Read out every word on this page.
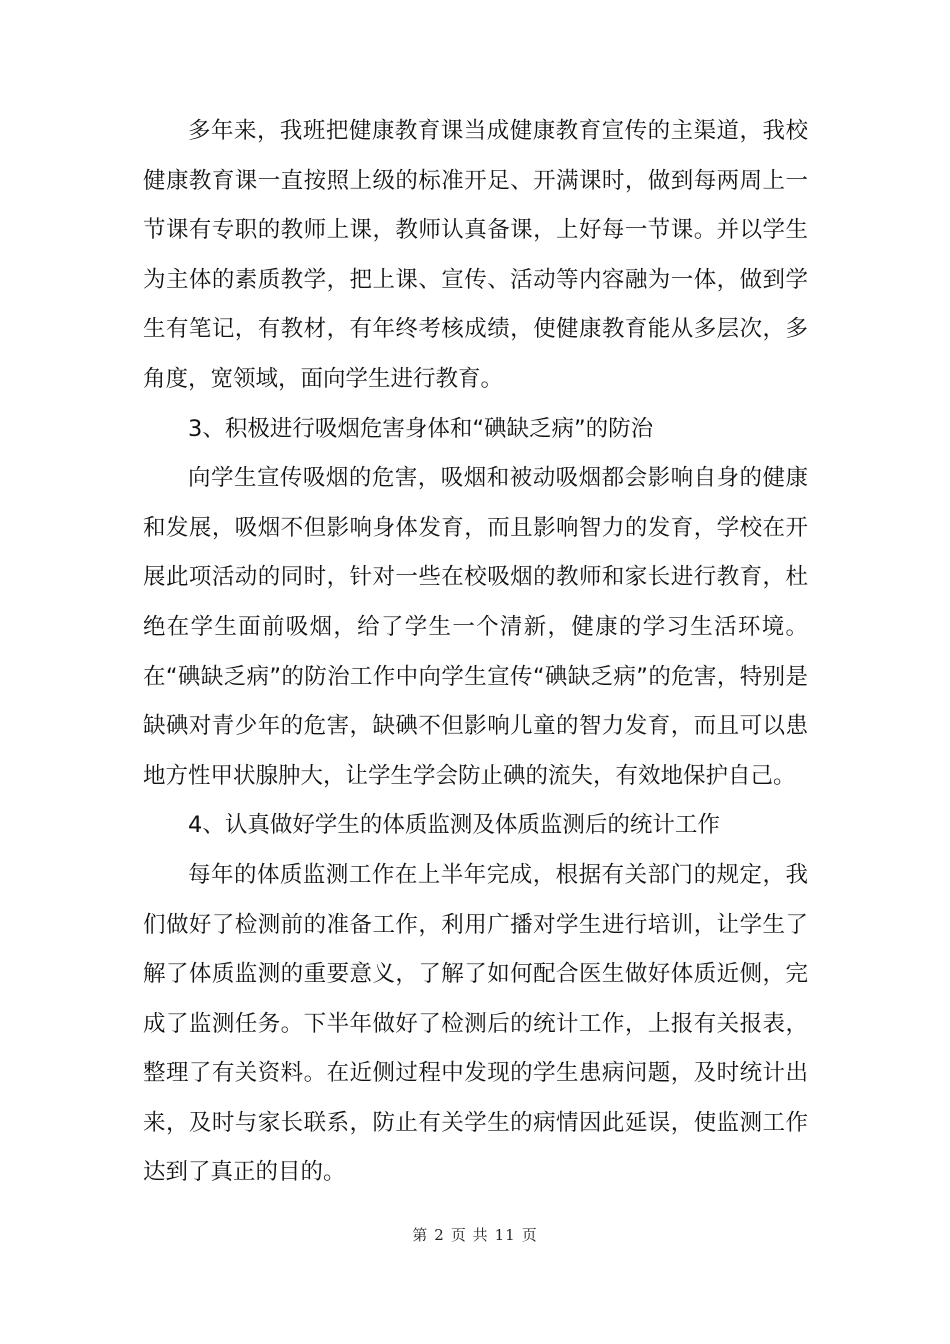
多年来，我班把健康教育课当成健康教育宣传的主渠道，我校健康教育课一直按照上级的标准开足、开满课时，做到每两周上一节课有专职的教师上课，教师认真备课，上好每一节课。并以学生为主体的素质教学，把上课、宣传、活动等内容融为一体，做到学生有笔记，有教材，有年终考核成绩，使健康教育能从多层次，多角度，宽领域，面向学生进行教育。

3、积极进行吸烟危害身体和“碘缺乏病”的防治

向学生宣传吸烟的危害，吸烟和被动吸烟都会影响自身的健康和发展，吸烟不但影响身体发育，而且影响智力的发育，学校在开展此项活动的同时，针对一些在校吸烟的教师和家长进行教育，杜绝在学生面前吸烟，给了学生一个清新，健康的学习生活环境。在“碘缺乏病”的防治工作中向学生宣传“碘缺乏病”的危害，特别是缺碘对青少年的危害，缺碘不但影响儿童的智力发育，而且可以患地方性甲状腺肿大，让学生学会防止碘的流失，有效地保护自己。

4、认真做好学生的体质监测及体质监测后的统计工作

每年的体质监测工作在上半年完成，根据有关部门的规定，我们做好了检测前的准备工作，利用广播对学生进行培训，让学生了解了体质监测的重要意义，了解了如何配合医生做好体质近侧，完成了监测任务。下半年做好了检测后的统计工作，上报有关报表，整理了有关资料。在近侧过程中发现的学生患病问题，及时统计出来，及时与家长联系，防止有关学生的病情因此延误，使监测工作达到了真正的目的。

第 2 页 共 11 页
